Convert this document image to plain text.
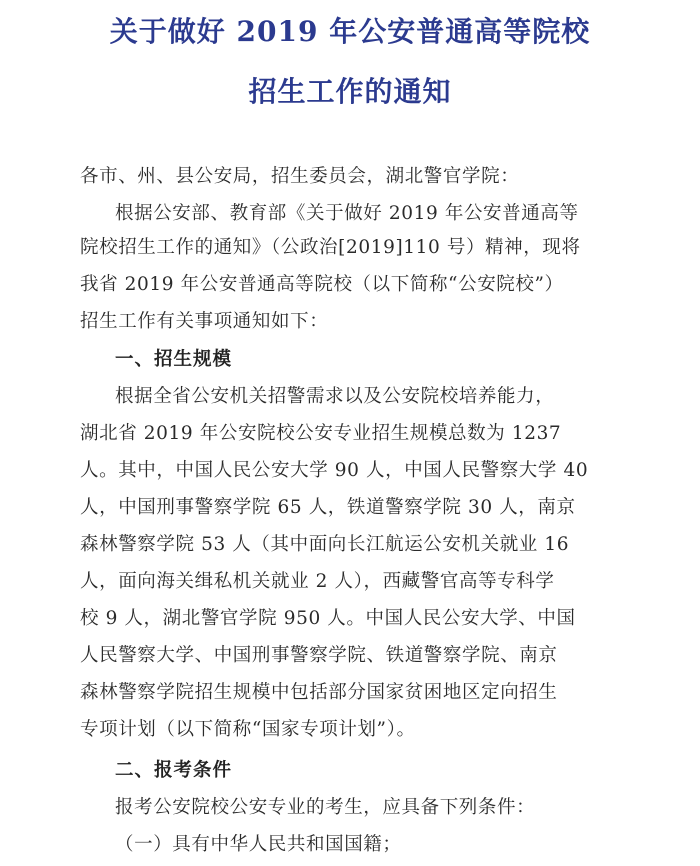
关于做好 2019 年公安普通高等院校
招生工作的通知
各市、州、县公安局，招生委员会，湖北警官学院：
根据公安部、教育部《关于做好 2019 年公安普通高等
院校招生工作的通知》（公政治[2019]110 号）精神，现将
我省 2019 年公安普通高等院校（以下简称“公安院校”）
招生工作有关事项通知如下：
一、招生规模
根据全省公安机关招警需求以及公安院校培养能力，
湖北省 2019 年公安院校公安专业招生规模总数为 1237
人。其中，中国人民公安大学 90 人，中国人民警察大学 40
人，中国刑事警察学院 65 人，铁道警察学院 30 人，南京
森林警察学院 53 人（其中面向长江航运公安机关就业 16
人，面向海关缉私机关就业 2 人），西藏警官高等专科学
校 9 人，湖北警官学院 950 人。中国人民公安大学、中国
人民警察大学、中国刑事警察学院、铁道警察学院、南京
森林警察学院招生规模中包括部分国家贫困地区定向招生
专项计划（以下简称“国家专项计划”）。
二、报考条件
报考公安院校公安专业的考生，应具备下列条件：
（一）具有中华人民共和国国籍；
